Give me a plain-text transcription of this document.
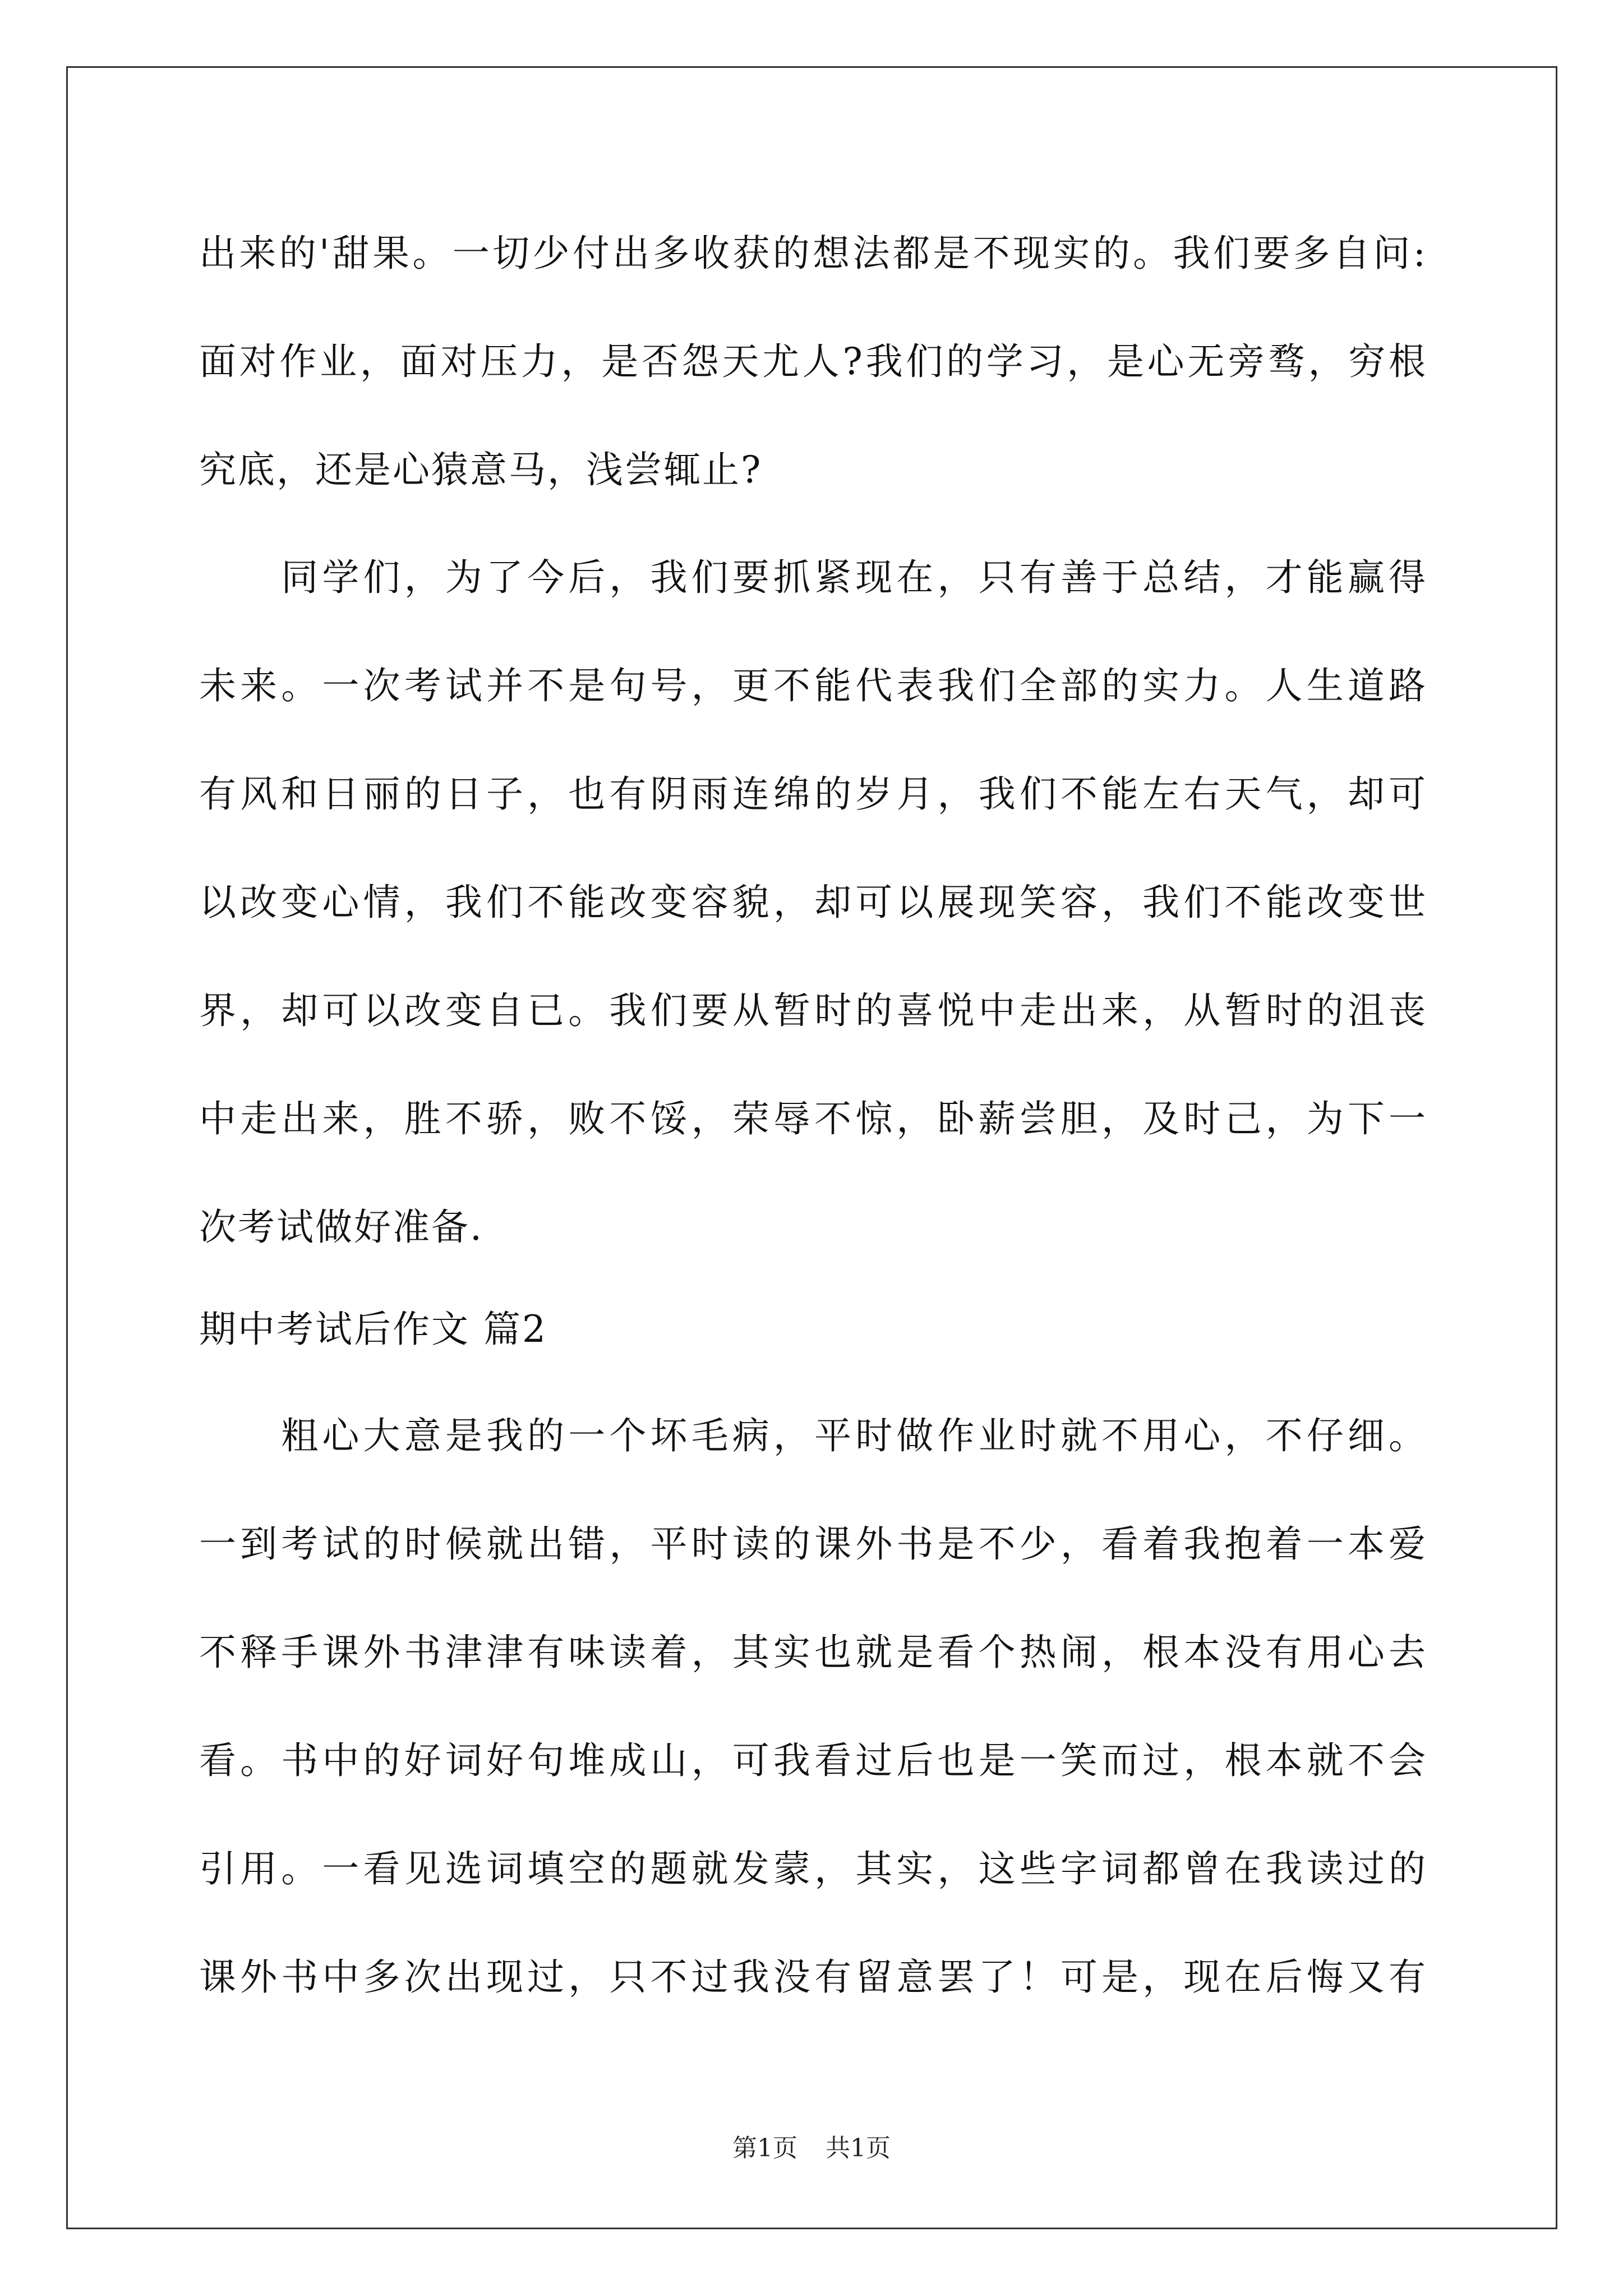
出来的'甜果。一切少付出多收获的想法都是不现实的。我们要多自问:
面对作业，面对压力，是否怨天尤人?我们的学习，是心无旁骛，穷根
究底，还是心猿意马，浅尝辄止?
　　同学们，为了今后，我们要抓紧现在，只有善于总结，才能赢得
未来。一次考试并不是句号，更不能代表我们全部的实力。人生道路
有风和日丽的日子，也有阴雨连绵的岁月，我们不能左右天气，却可
以改变心情，我们不能改变容貌，却可以展现笑容，我们不能改变世
界，却可以改变自已。我们要从暂时的喜悦中走出来，从暂时的沮丧
中走出来，胜不骄，败不馁，荣辱不惊，卧薪尝胆，及时己，为下一
次考试做好准备.
期中考试后作文 篇2
　　粗心大意是我的一个坏毛病，平时做作业时就不用心，不仔细。
一到考试的时候就出错，平时读的课外书是不少，看着我抱着一本爱
不释手课外书津津有味读着，其实也就是看个热闹，根本没有用心去
看。书中的好词好句堆成山，可我看过后也是一笑而过，根本就不会
引用。一看见选词填空的题就发蒙，其实，这些字词都曾在我读过的
课外书中多次出现过，只不过我没有留意罢了！可是，现在后悔又有
第1页 共1页
